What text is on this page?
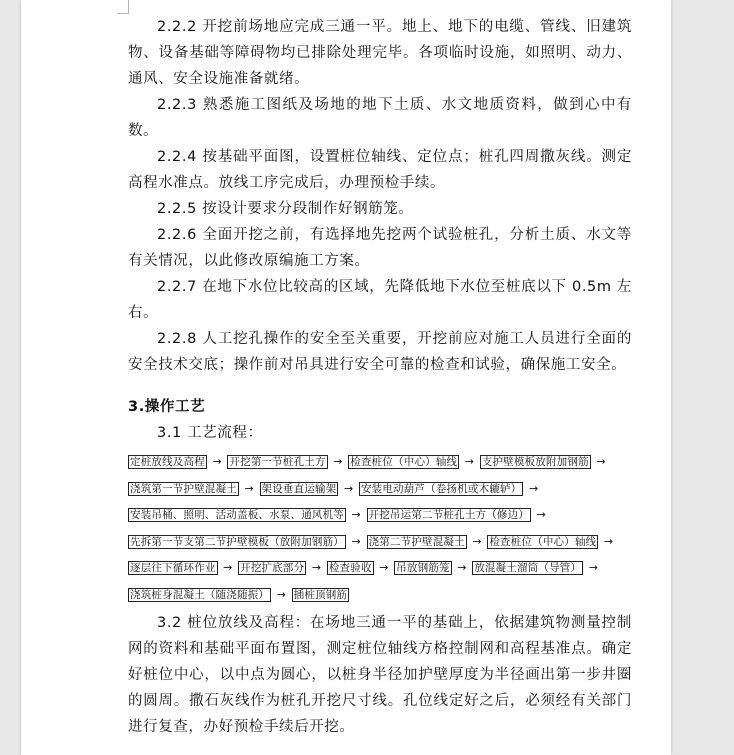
2.2.2 开挖前场地应完成三通一平。地上、地下的电缆、管线、旧建筑物、设备基础等障碍物均已排除处理完毕。各项临时设施，如照明、动力、通风、安全设施准备就绪。

2.2.3 熟悉施工图纸及场地的地下土质、水文地质资料，做到心中有数。

2.2.4 按基础平面图，设置桩位轴线、定位点；桩孔四周撒灰线。测定高程水准点。放线工序完成后，办理预检手续。

2.2.5 按设计要求分段制作好钢筋笼。

2.2.6 全面开挖之前，有选择地先挖两个试验桩孔，分析土质、水文等有关情况，以此修改原编施工方案。

2.2.7 在地下水位比较高的区域，先降低地下水位至桩底以下 0.5m 左右。

2.2.8 人工挖孔操作的安全至关重要，开挖前应对施工人员进行全面的安全技术交底；操作前对吊具进行安全可靠的检查和试验，确保施工安全。

3.操作工艺

3.1 工艺流程：

定桩放线及高程 → 开挖第一节桩孔土方 → 检查桩位（中心）轴线 → 支护壁模板放附加钢筋 → 浇筑第一节护壁混凝土 → 架设垂直运输架 → 安装电动葫芦（卷扬机或木辘轳） → 安装吊桶、照明、活动盖板、水泵、通风机等 → 开挖吊运第二节桩孔土方（修边） → 先拆第一节支第二节护壁模板（放附加钢筋） → 浇第二节护壁混凝土 → 检查桩位（中心）轴线 → 逐层往下循环作业 → 开挖扩底部分 → 检查验收 → 吊放钢筋笼 → 放混凝土溜筒（导管） → 浇筑桩身混凝土（随浇随振） → 插桩顶钢筋

3.2 桩位放线及高程：在场地三通一平的基础上，依据建筑物测量控制网的资料和基础平面布置图，测定桩位轴线方格控制网和高程基准点。确定好桩位中心，以中点为圆心，以桩身半径加护壁厚度为半径画出第一步井圈的圆周。撒石灰线作为桩孔开挖尺寸线。孔位线定好之后，必须经有关部门进行复查，办好预检手续后开挖。
